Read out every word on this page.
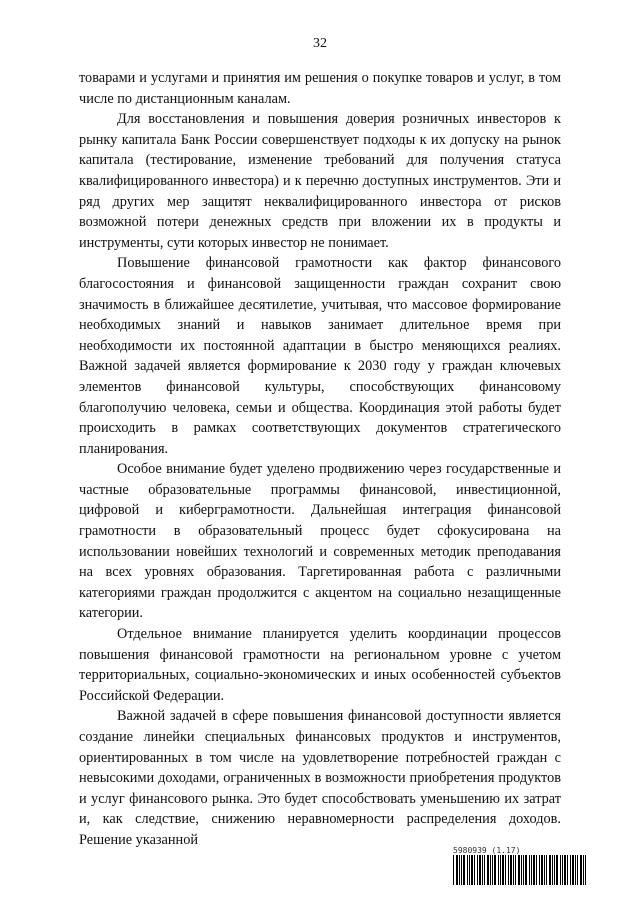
32

товарами и услугами и принятия им решения о покупке товаров и услуг, в том числе по дистанционным каналам.

Для восстановления и повышения доверия розничных инвесторов к рынку капитала Банк России совершенствует подходы к их допуску на рынок капитала (тестирование, изменение требований для получения статуса квалифицированного инвестора) и к перечню доступных инструментов. Эти и ряд других мер защитят неквалифицированного инвестора от рисков возможной потери денежных средств при вложении их в продукты и инструменты, сути которых инвестор не понимает.

Повышение финансовой грамотности как фактор финансового благосостояния и финансовой защищенности граждан сохранит свою значимость в ближайшее десятилетие, учитывая, что массовое формирование необходимых знаний и навыков занимает длительное время при необходимости их постоянной адаптации в быстро меняющихся реалиях. Важной задачей является формирование к 2030 году у граждан ключевых элементов финансовой культуры, способствующих финансовому благополучию человека, семьи и общества. Координация этой работы будет происходить в рамках соответствующих документов стратегического планирования.

Особое внимание будет уделено продвижению через государственные и частные образовательные программы финансовой, инвестиционной, цифровой и киберграмотности. Дальнейшая интеграция финансовой грамотности в образовательный процесс будет сфокусирована на использовании новейших технологий и современных методик преподавания на всех уровнях образования. Таргетированная работа с различными категориями граждан продолжится с акцентом на социально незащищенные категории.

Отдельное внимание планируется уделить координации процессов повышения финансовой грамотности на региональном уровне с учетом территориальных, социально-экономических и иных особенностей субъектов Российской Федерации.

Важной задачей в сфере повышения финансовой доступности является создание линейки специальных финансовых продуктов и инструментов, ориентированных в том числе на удовлетворение потребностей граждан с невысокими доходами, ограниченных в возможности приобретения продуктов и услуг финансового рынка. Это будет способствовать уменьшению их затрат и, как следствие, снижению неравномерности распределения доходов. Решение указанной

5980939 (1.17)
